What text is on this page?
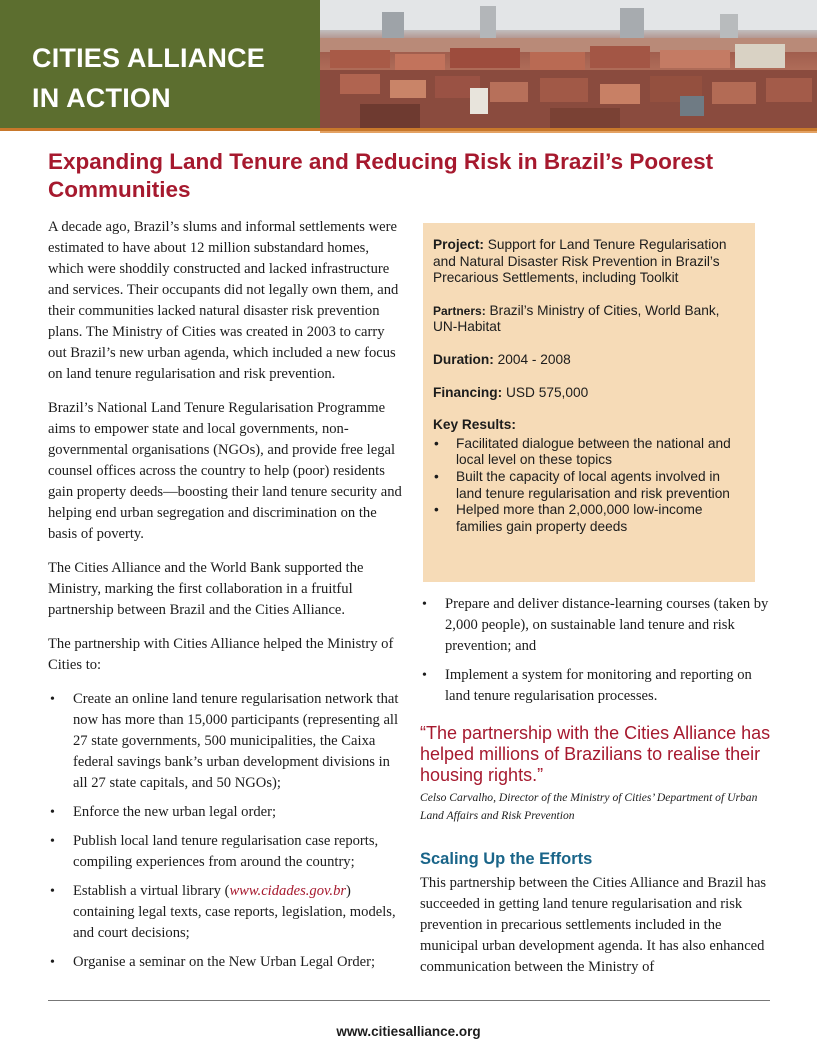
CITIES ALLIANCE
IN ACTION
Expanding Land Tenure and Reducing Risk in Brazil’s Poorest Communities

A decade ago, Brazil’s slums and informal settlements were estimated to have about 12 million substandard homes, which were shoddily constructed and lacked infrastructure and services. Their occupants did not legally own them, and their communities lacked natural disaster risk prevention plans. The Ministry of Cities was created in 2003 to carry out Brazil’s new urban agenda, which included a new focus on land tenure regularisation and risk prevention.

Brazil’s National Land Tenure Regularisation Programme aims to empower state and local governments, non-governmental organisations (NGOs), and provide free legal counsel offices across the country to help (poor) residents gain property deeds—boosting their land tenure security and helping end urban segregation and discrimination on the basis of poverty.

The Cities Alliance and the World Bank supported the Ministry, marking the first collaboration in a fruitful partnership between Brazil and the Cities Alliance.

The partnership with Cities Alliance helped the Ministry of Cities to:

• Create an online land tenure regularisation network that now has more than 15,000 participants (representing all 27 state governments, 500 municipalities, the Caixa federal savings bank’s urban development divisions in all 27 state capitals, and 50 NGOs);
• Enforce the new urban legal order;
• Publish local land tenure regularisation case reports, compiling experiences from around the country;
• Establish a virtual library (www.cidades.gov.br) containing legal texts, case reports, legislation, models, and court decisions;
• Organise a seminar on the New Urban Legal Order;
Project: Support for Land Tenure Regularisation and Natural Disaster Risk Prevention in Brazil’s Precarious Settlements, including Toolkit
Partners: Brazil’s Ministry of Cities, World Bank, UN-Habitat
Duration: 2004 - 2008
Financing: USD 575,000
Key Results:
• Facilitated dialogue between the national and local level on these topics
• Built the capacity of local agents involved in land tenure regularisation and risk prevention
• Helped more than 2,000,000 low-income families gain property deeds
• Prepare and deliver distance-learning courses (taken by 2,000 people), on sustainable land tenure and risk prevention; and
• Implement a system for monitoring and reporting on land tenure regularisation processes.

“The partnership with the Cities Alliance has helped millions of Brazilians to realise their housing rights.”

Celso Carvalho, Director of the Ministry of Cities’ Department of Urban Land Affairs and Risk Prevention
Scaling Up the Efforts

This partnership between the Cities Alliance and Brazil has succeeded in getting land tenure regularisation and risk prevention in precarious settlements included in the municipal urban development agenda. It has also enhanced communication between the Ministry of

www.citiesalliance.org
